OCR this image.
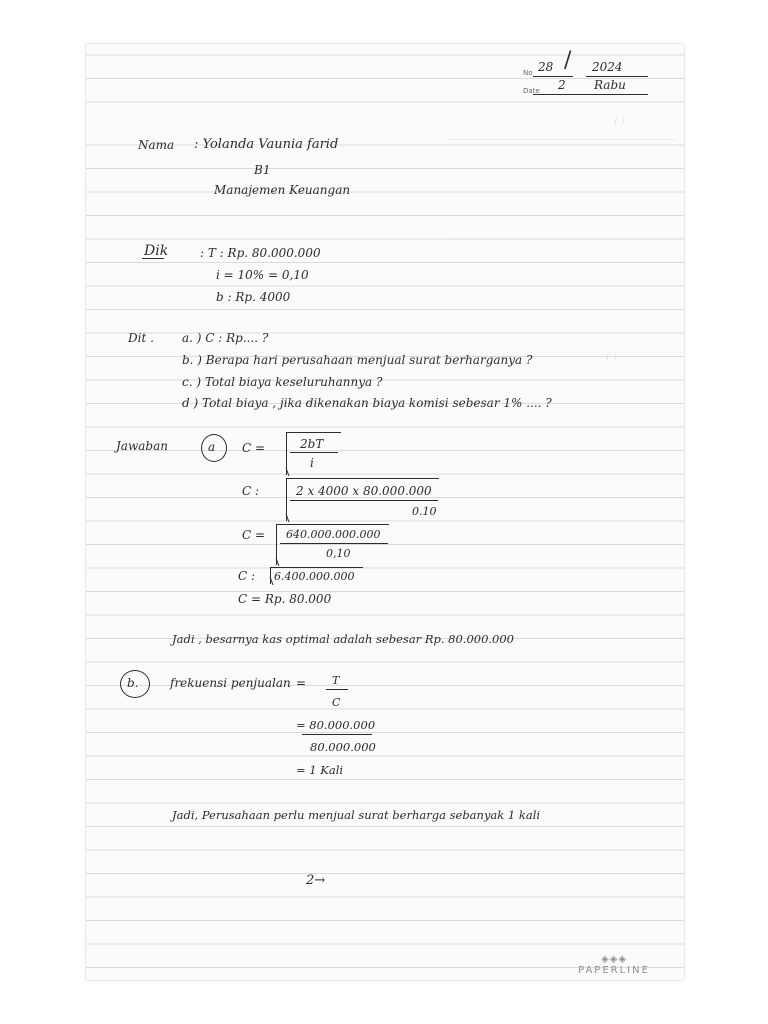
( )
( )
No 28 / 2024
Date 2 Rabu
Nama : Yolanda Vaunia farid
B1
Manajemen Keuangan
Dik	: T : Rp. 80.000.000
i = 10% = 0,10
b : Rp. 4000
Dit . a. ) C : Rp.... ?
b. ) Berapa hari perusahaan menjual surat berharganya ?
c. ) Total biaya keseluruhannya ?
d ) Total biaya , jika dikenakan biaya komisi sebesar 1% .... ?
Jawaban	a C =	2bT
i
C :	2 x 4000 x 80.000.000
0.10
C = 640.000.000.000
0,10
C : 6.400.000.000
C = Rp. 80.000
Jadi , besarnya kas optimal adalah sebesar Rp. 80.000.000
b.	frekuensi penjualan = T
C
= 80.000.000
80.000.000
= 1 Kali
Jadi, Perusahaan perlu menjual surat berharga sebanyak 1 kali
2→
◈◈◈
PAPERLINE
